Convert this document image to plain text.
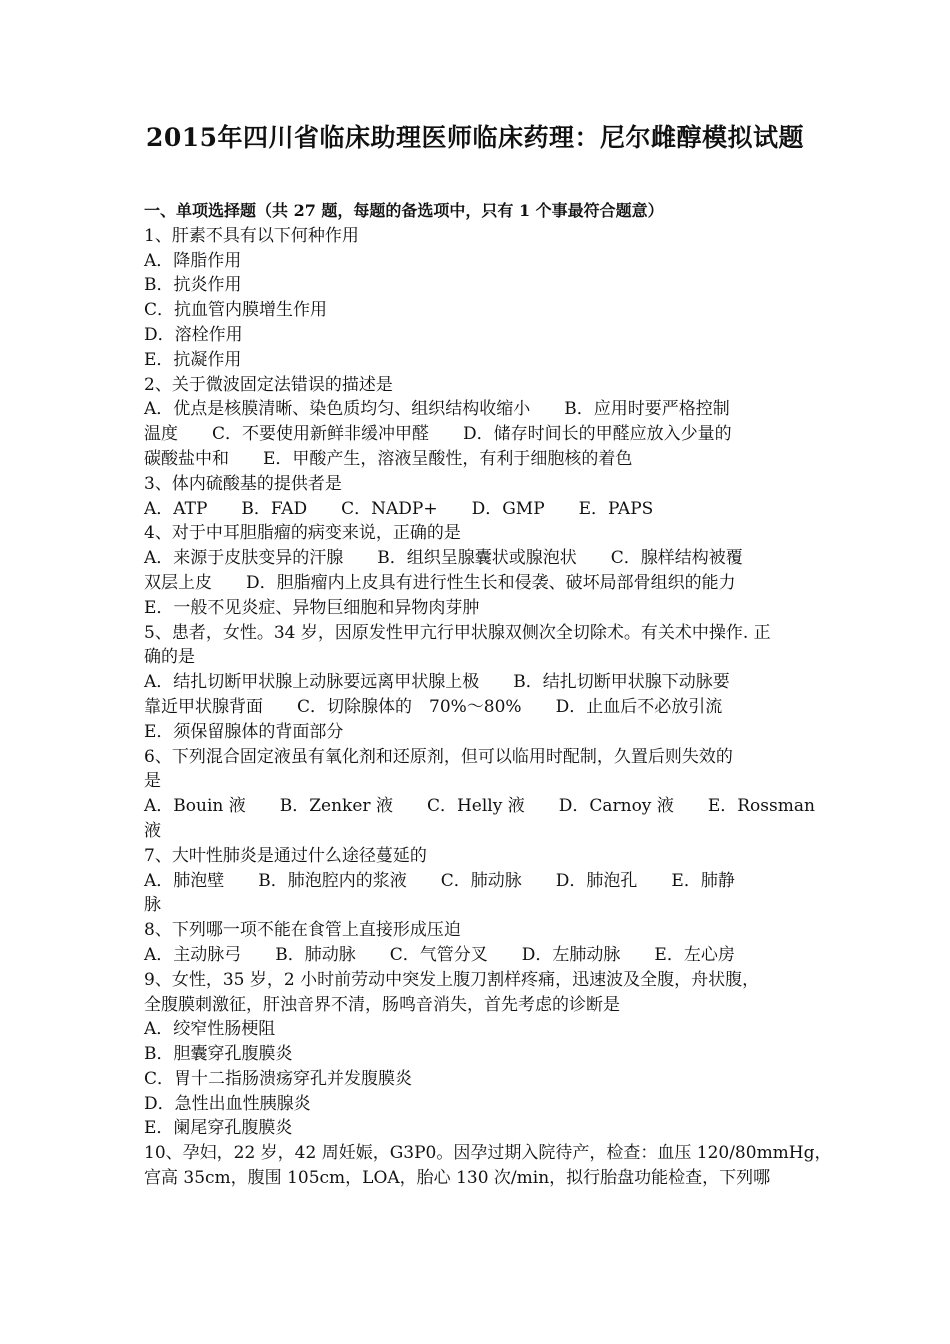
2015年四川省临床助理医师临床药理：尼尔雌醇模拟试题
一、单项选择题（共 27 题，每题的备选项中，只有 1 个事最符合题意）
1、肝素不具有以下何种作用
A．降脂作用
B．抗炎作用
C．抗血管内膜增生作用
D．溶栓作用
E．抗凝作用
2、关于微波固定法错误的描述是
A．优点是核膜清晰、染色质均匀、组织结构收缩小　　B．应用时要严格控制
温度　　C．不要使用新鲜非缓冲甲醛　　D．储存时间长的甲醛应放入少量的
碳酸盐中和　　E．甲酸产生，溶液呈酸性，有利于细胞核的着色
3、体内硫酸基的提供者是
A．ATP　　B．FAD　　C．NADP+　　D．GMP　　E．PAPS
4、对于中耳胆脂瘤的病变来说，正确的是
A．来源于皮肤变异的汗腺　　B．组织呈腺囊状或腺泡状　　C．腺样结构被覆
双层上皮　　D．胆脂瘤内上皮具有进行性生长和侵袭、破坏局部骨组织的能力
E．一般不见炎症、异物巨细胞和异物肉芽肿
5、患者，女性。34 岁，因原发性甲亢行甲状腺双侧次全切除术。有关术中操作. 正
确的是
A．结扎切断甲状腺上动脉要远离甲状腺上极　　B．结扎切断甲状腺下动脉要
靠近甲状腺背面　　C．切除腺体的　70%～80%　　D．止血后不必放引流
E．须保留腺体的背面部分
6、下列混合固定液虽有氧化剂和还原剂，但可以临用时配制，久置后则失效的
是
A．Bouin 液　　B．Zenker 液　　C．Helly 液　　D．Carnoy 液　　E．Rossman
液
7、大叶性肺炎是通过什么途径蔓延的
A．肺泡壁　　B．肺泡腔内的浆液　　C．肺动脉　　D．肺泡孔　　E．肺静
脉
8、下列哪一项不能在食管上直接形成压迫
A．主动脉弓　　B．肺动脉　　C．气管分叉　　D．左肺动脉　　E．左心房
9、女性，35 岁，2 小时前劳动中突发上腹刀割样疼痛，迅速波及全腹，舟状腹，
全腹膜刺激征，肝浊音界不清，肠鸣音消失，首先考虑的诊断是
A．绞窄性肠梗阻
B．胆囊穿孔腹膜炎
C．胃十二指肠溃疡穿孔并发腹膜炎
D．急性出血性胰腺炎
E．阑尾穿孔腹膜炎
10、孕妇，22 岁，42 周妊娠，G3P0。因孕过期入院待产，检查：血压 120/80mmHg，
宫高 35cm，腹围 105cm，LOA，胎心 130 次/min，拟行胎盘功能检查，下列哪
